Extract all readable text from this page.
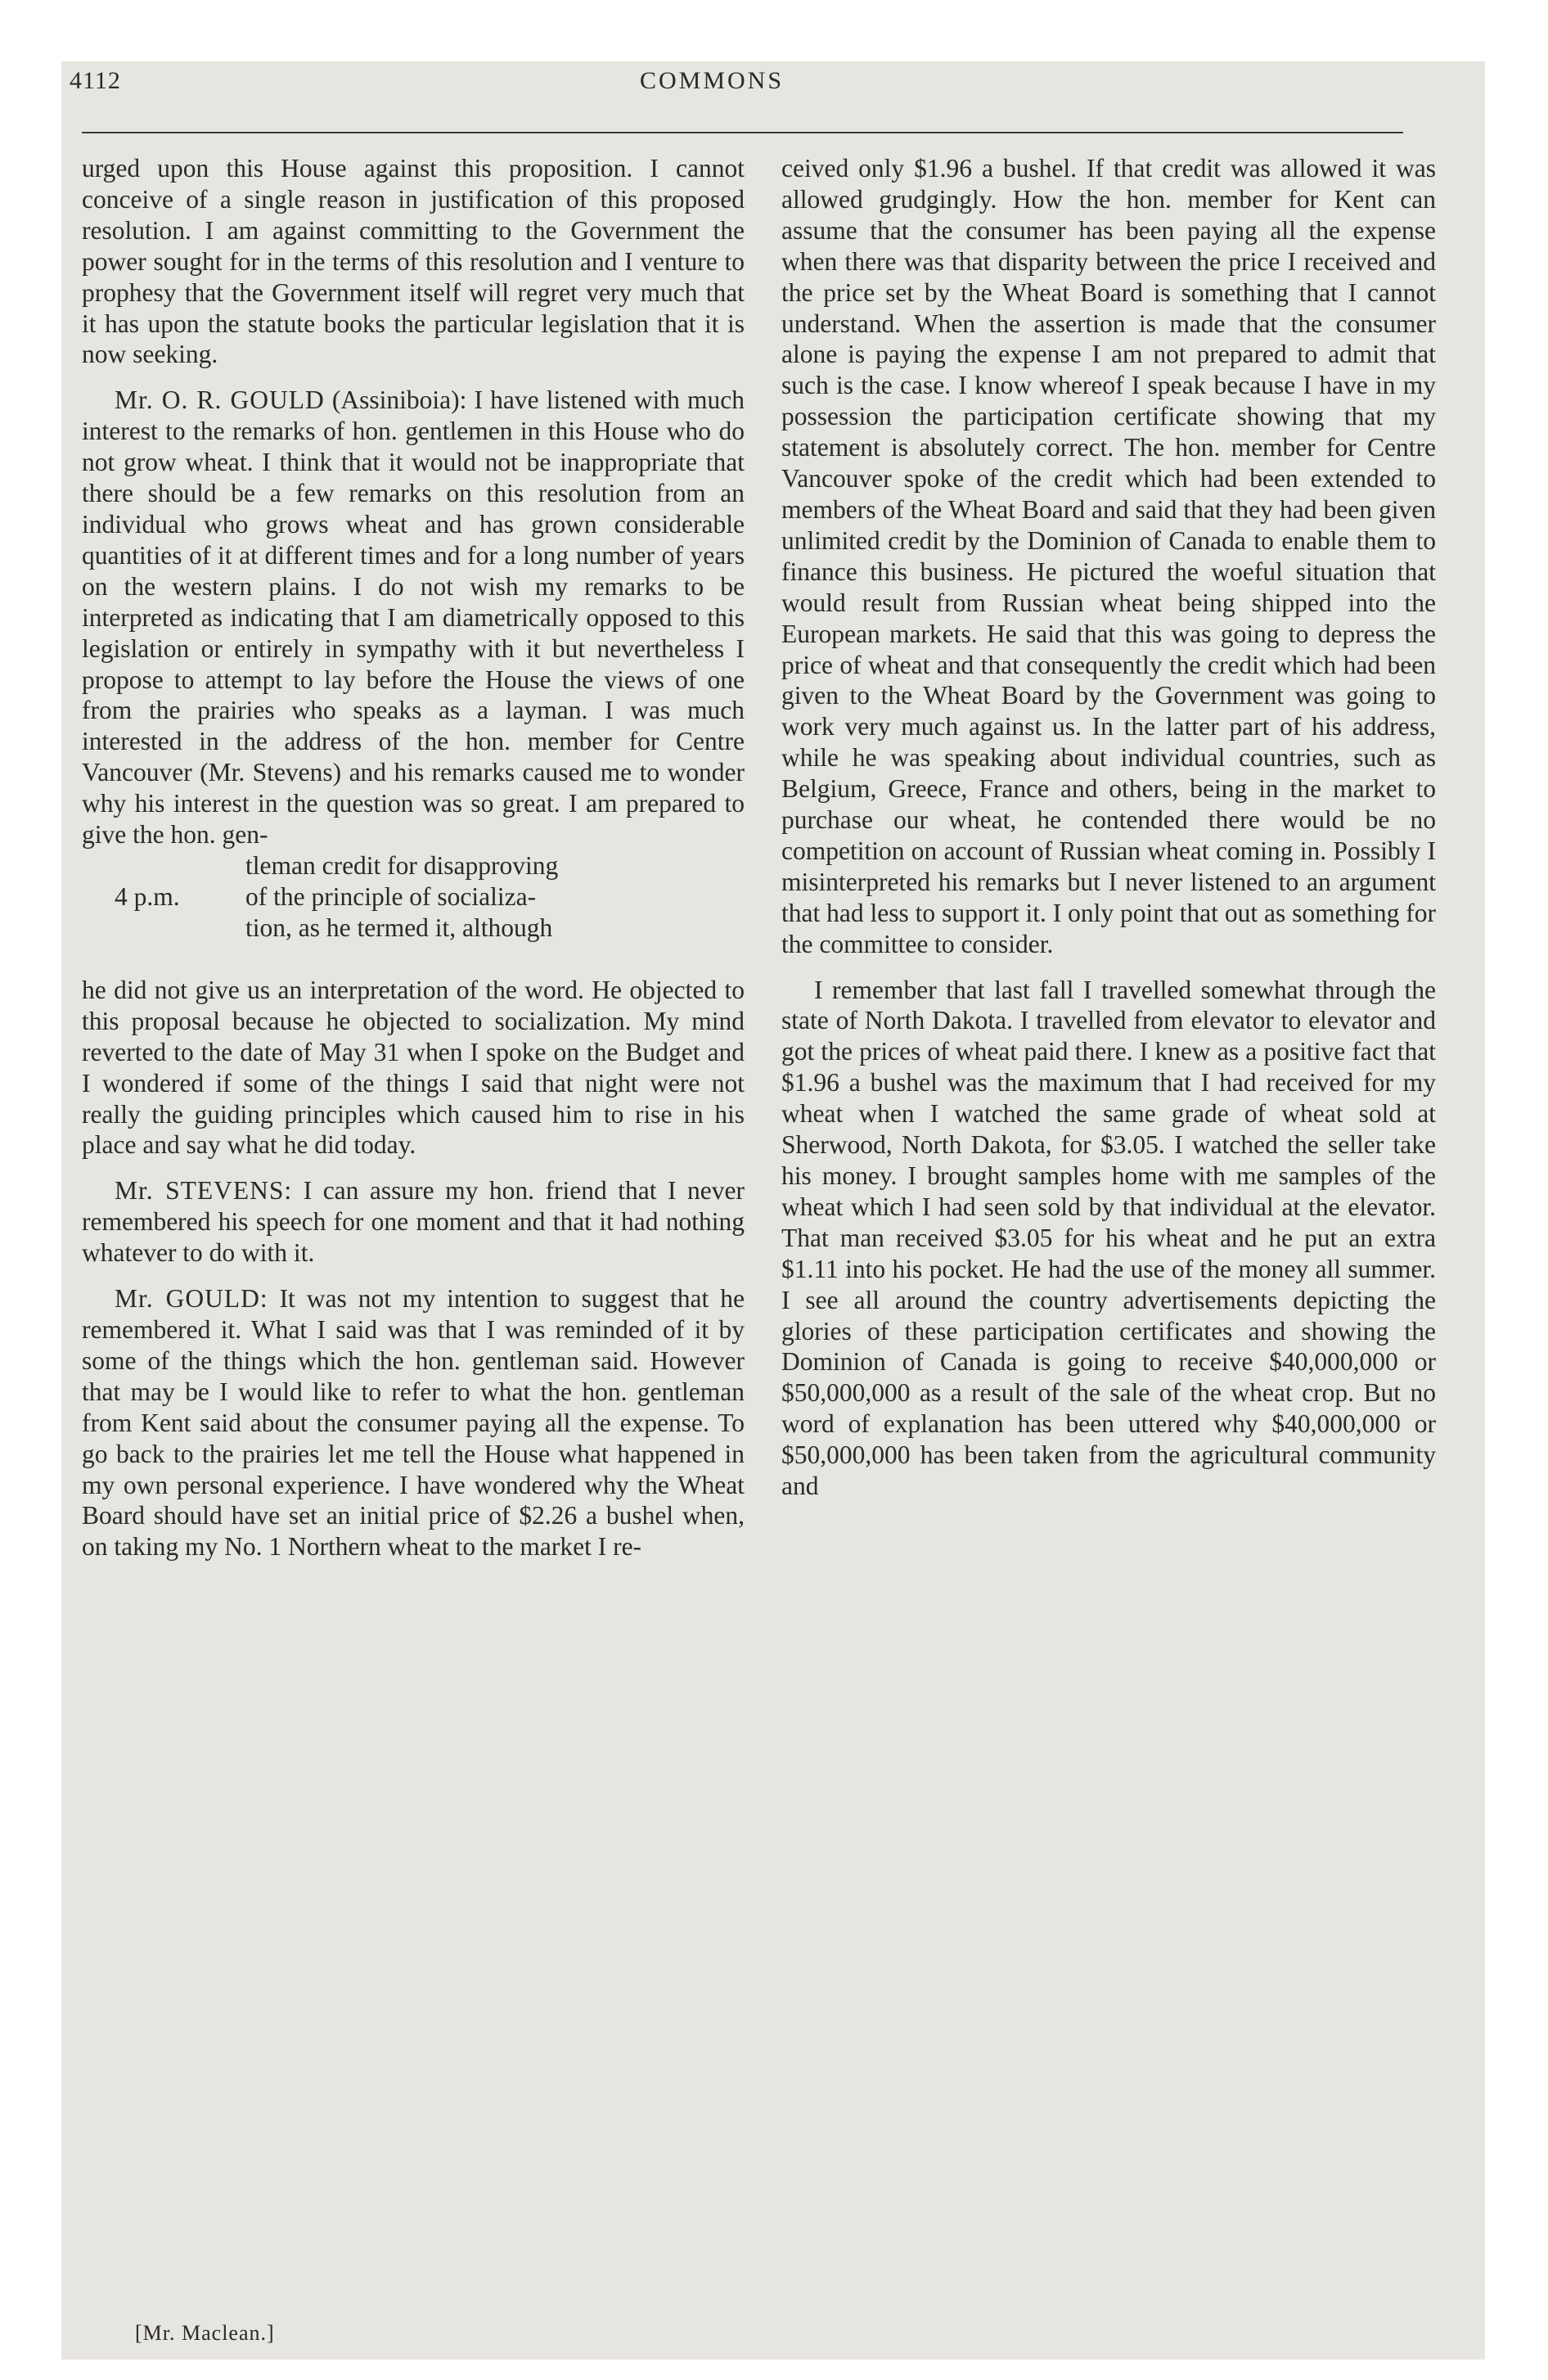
4112	COMMONS

urged upon this House against this proposition. I cannot conceive of a single reason in justification of this proposed resolution. I am against committing to the Government the power sought for in the terms of this resolution and I venture to prophesy that the Government itself will regret very much that it has upon the statute books the particular legislation that it is now seeking.

Mr. O. R. GOULD (Assiniboia): I have listened with much interest to the remarks of hon. gentlemen in this House who do not grow wheat. I think that it would not be inappropriate that there should be a few remarks on this resolution from an individual who grows wheat and has grown considerable quantities of it at different times and for a long number of years on the western plains. I do not wish my remarks to be interpreted as indicating that I am diametrically opposed to this legislation or entirely in sympathy with it but nevertheless I propose to attempt to lay before the House the views of one from the prairies who speaks as a layman. I was much interested in the address of the hon. member for Centre Vancouver (Mr. Stevens) and his remarks caused me to wonder why his interest in the question was so great. I am prepared to give the hon. gen-

4 p.m.
tleman credit for disapproving
of the principle of socializa-
tion, as he termed it, although

he did not give us an interpretation of the word. He objected to this proposal because he objected to socialization. My mind reverted to the date of May 31 when I spoke on the Budget and I wondered if some of the things I said that night were not really the guiding principles which caused him to rise in his place and say what he did today.

Mr. STEVENS: I can assure my hon. friend that I never remembered his speech for one moment and that it had nothing whatever to do with it.

Mr. GOULD: It was not my intention to suggest that he remembered it. What I said was that I was reminded of it by some of the things which the hon. gentleman said. However that may be I would like to refer to what the hon. gentleman from Kent said about the consumer paying all the expense. To go back to the prairies let me tell the House what happened in my own personal experience. I have wondered why the Wheat Board should have set an initial price of $2.26 a bushel when, on taking my No. 1 Northern wheat to the market I re-

ceived only $1.96 a bushel. If that credit was allowed it was allowed grudgingly. How the hon. member for Kent can assume that the consumer has been paying all the expense when there was that disparity between the price I received and the price set by the Wheat Board is something that I cannot understand. When the assertion is made that the consumer alone is paying the expense I am not prepared to admit that such is the case. I know whereof I speak because I have in my possession the participation certificate showing that my statement is absolutely correct. The hon. member for Centre Vancouver spoke of the credit which had been extended to members of the Wheat Board and said that they had been given unlimited credit by the Dominion of Canada to enable them to finance this business. He pictured the woeful situation that would result from Russian wheat being shipped into the European markets. He said that this was going to depress the price of wheat and that consequently the credit which had been given to the Wheat Board by the Government was going to work very much against us. In the latter part of his address, while he was speaking about individual countries, such as Belgium, Greece, France and others, being in the market to purchase our wheat, he contended there would be no competition on account of Russian wheat coming in. Possibly I misinterpreted his remarks but I never listened to an argument that had less to support it. I only point that out as something for the committee to consider.

I remember that last fall I travelled somewhat through the state of North Dakota. I travelled from elevator to elevator and got the prices of wheat paid there. I knew as a positive fact that $1.96 a bushel was the maximum that I had received for my wheat when I watched the same grade of wheat sold at Sherwood, North Dakota, for $3.05. I watched the seller take his money. I brought samples home with me samples of the wheat which I had seen sold by that individual at the elevator. That man received $3.05 for his wheat and he put an extra $1.11 into his pocket. He had the use of the money all summer. I see all around the country advertisements depicting the glories of these participation certificates and showing the Dominion of Canada is going to receive $40,000,000 or $50,000,000 as a result of the sale of the wheat crop. But no word of explanation has been uttered why $40,000,000 or $50,000,000 has been taken from the agricultural community and

[Mr. Maclean.]
